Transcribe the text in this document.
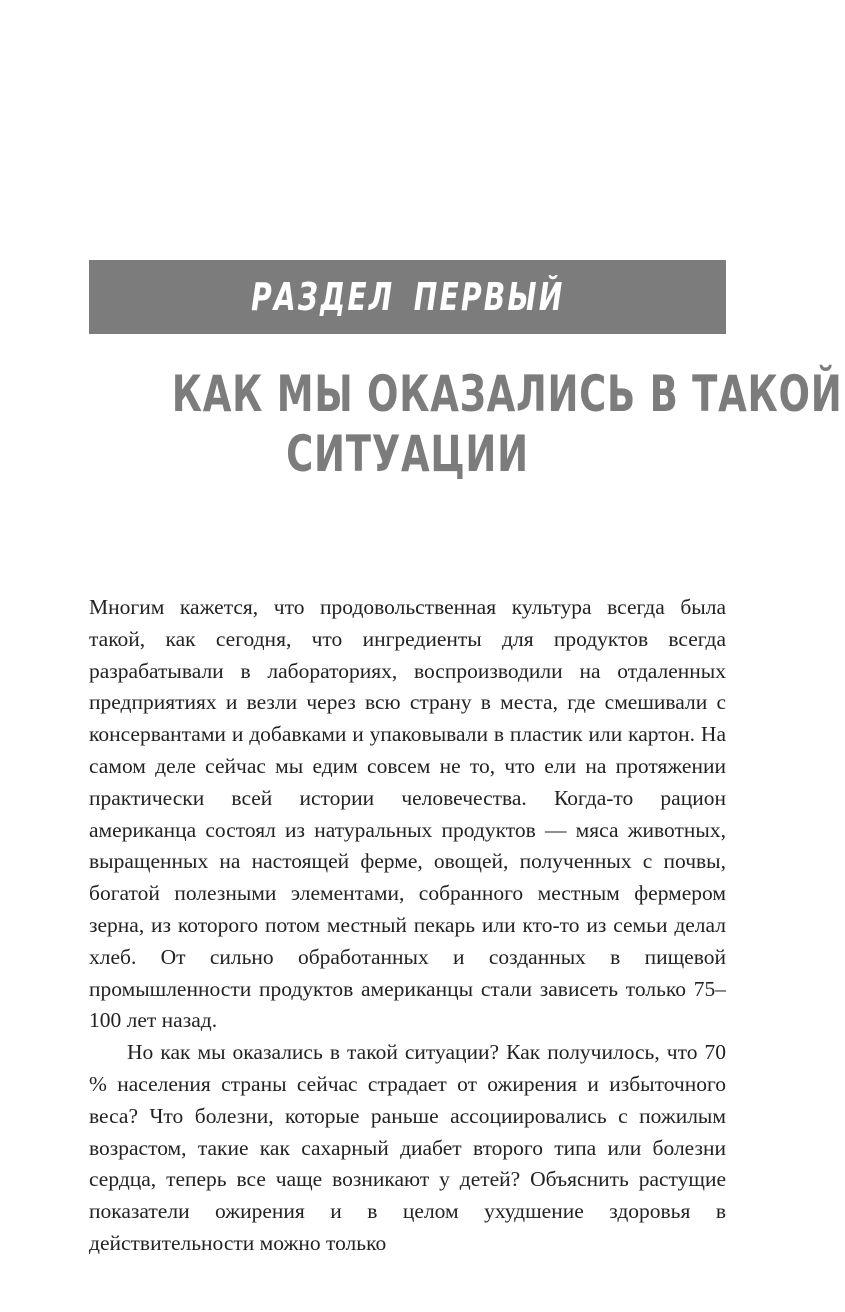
РАЗДЕЛ ПЕРВЫЙ
КАК МЫ ОКАЗАЛИСЬ В ТАКОЙ
СИТУАЦИИ

Многим кажется, что продовольственная культура всегда была такой, как сегодня, что ингредиенты для продуктов всегда разрабатывали в лабораториях, воспроизводили на отдаленных предприятиях и везли через всю страну в места, где смешивали с консервантами и добавками и упаковывали в пластик или картон. На самом деле сейчас мы едим совсем не то, что ели на протяжении практически всей истории человечества. Когда-то рацион американца состоял из натуральных продуктов — мяса животных, выращенных на настоящей ферме, овощей, полученных с почвы, богатой полезными элементами, собранного местным фермером зерна, из которого потом местный пекарь или кто-то из семьи делал хлеб. От сильно обработанных и созданных в пищевой промышленности продуктов американцы стали зависеть только 75–100 лет назад.

Но как мы оказались в такой ситуации? Как получилось, что 70 % населения страны сейчас страдает от ожирения и избыточного веса? Что болезни, которые раньше ассоциировались с пожилым возрастом, такие как сахарный диабет второго типа или болезни сердца, теперь все чаще возникают у детей? Объяснить растущие показатели ожирения и в целом ухудшение здоровья в действительности можно только
